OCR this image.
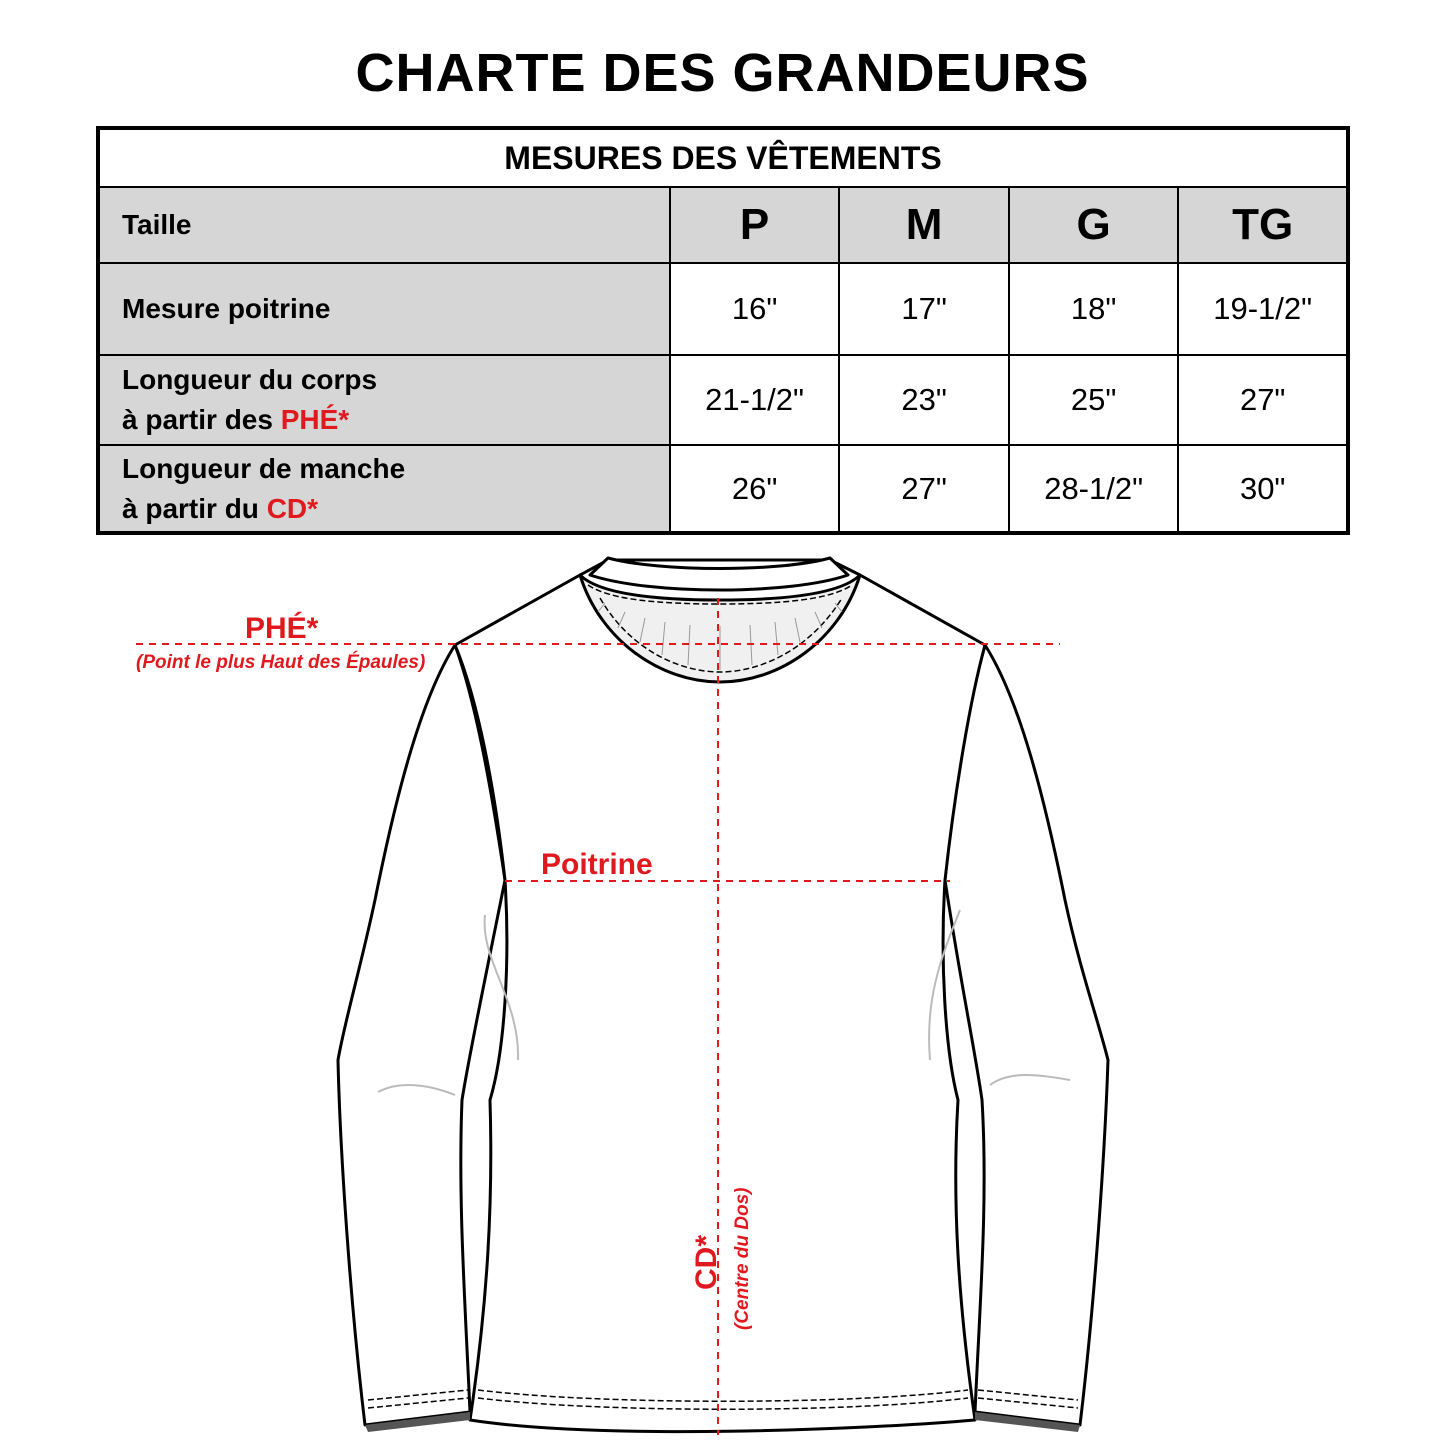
CHARTE DES GRANDEURS
MESURES DES VÊTEMENTS				
Taille	P	M	G	TG
Mesure poitrine	16"	17"	18"	19-1/2"

Longueur du corps
à partir des PHÉ*	21-1/2"	23"	25"	27"

Longueur de manche
à partir du CD*	26"	27"	28-1/2"	30"
PHÉ*
(Point le plus Haut des Épaules)
Poitrine
CD* (Centre du Dos)
